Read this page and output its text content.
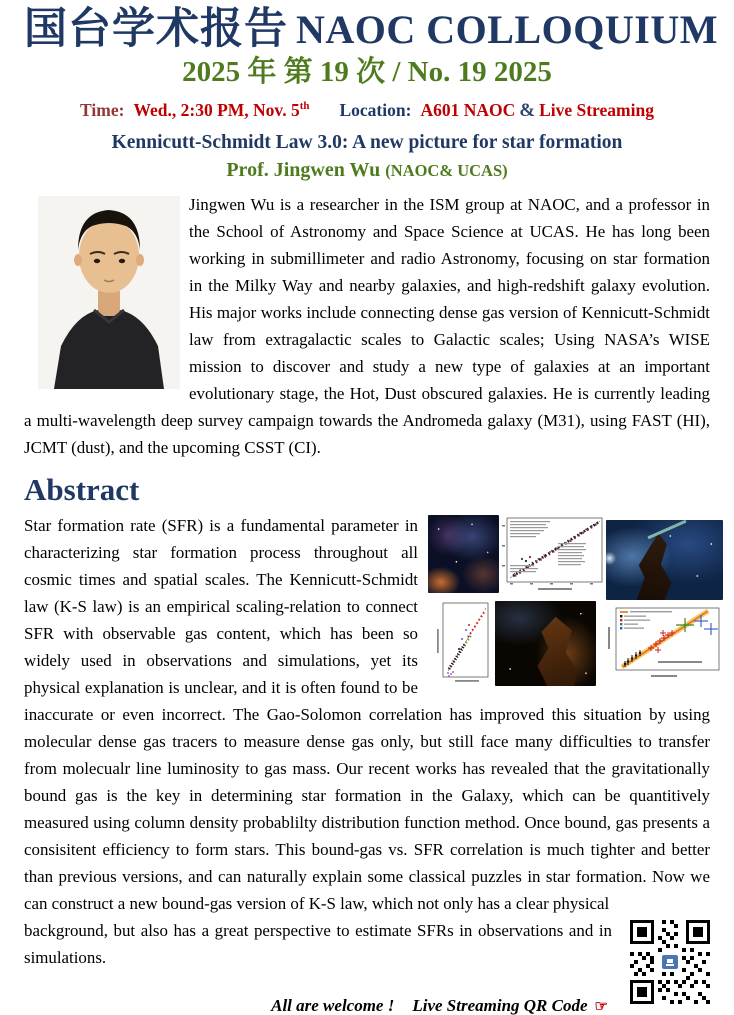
国台学术报告 NAOC COLLOQUIUM
2025 年 第 19 次 / No. 19 2025
Time: Wed., 2:30 PM, Nov. 5th Location: A601 NAOC & Live Streaming
Kennicutt-Schmidt Law 3.0: A new picture for star formation
Prof. Jingwen Wu (NAOC& UCAS)
Jingwen Wu is a researcher in the ISM group at NAOC, and a professor in the School of Astronomy and Space Science at UCAS. He has long been working in submillimeter and radio Astronomy, focusing on star formation in the Milky Way and nearby galaxies, and high-redshift galaxy evolution. His major works include connecting dense gas version of Kennicutt-Schmidt law from extragalactic scales to Galactic scales; Using NASA’s WISE mission to discover and study a new type of galaxies at an important evolutionary stage, the Hot, Dust obscured galaxies. He is currently leading a multi-wavelength deep survey campaign towards the Andromeda galaxy (M31), using FAST (HI), JCMT (dust), and the upcoming CSST (CI).
Abstract
Star formation rate (SFR) is a fundamental parameter in characterizing star formation process throughout all cosmic times and spatial scales. The Kennicutt-Schmidt law (K-S law) is an empirical scaling-relation to connect SFR with observable gas content, which has been so widely used in observations and simulations, yet its physical explanation is unclear, and it is often found to be inaccurate or even incorrect. The Gao-Solomon correlation has improved this situation by using molecular dense gas tracers to measure dense gas only, but still face many difficulties to transfer from molecualr line luminosity to gas mass. Our recent works has revealed that the gravitationally bound gas is the key in determining star formation in the Galaxy, which can be quantitively measured using column density probablilty distribution function method. Once bound, gas presents a consisitent efficiency to form stars. This bound-gas vs. SFR correlation is much tighter and better than previous versions, and can naturally explain some classical puzzles in star formation. Now we can construct a new bound-gas version of K-S law, which not only has a clear physical
background, but also has a great perspective to estimate SFRs in observations and in simulations.
All are welcome ! Live Streaming QR Code ☞
